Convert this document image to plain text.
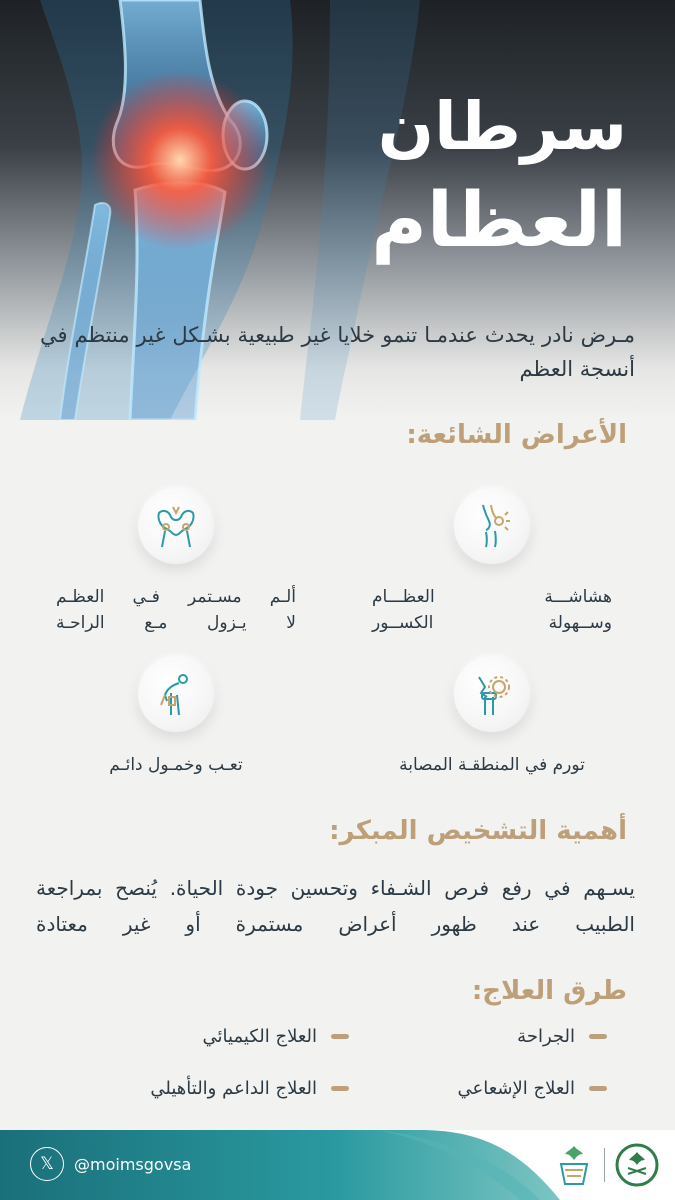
سرطان
العظام
مـرض نادر يحدث عندمـا تنمو خلايا غير طبيعية بشـكل غير منتظم في أنسجة العظم
الأعراض الشائعة:
هشاشـــة العظـــام
وســهولة الكســور
ألـم مسـتمر فـي العظـم
لا يـزول مـع الراحـة
تورم في المنطقـة المصابة
تعـب وخمـول دائـم
أهمية التشخيص المبكر:
يسـهم في رفع فرص الشـفاء وتحسين جودة الحياة. يُنصح بمراجعة الطبيب عند ظهور أعراض مستمرة أو غير معتادة
طرق العلاج:
الجراحة
العلاج الكيميائي
العلاج الإشعاعي
العلاج الداعم والتأهيلي
𝕏	@moimsgovsa
